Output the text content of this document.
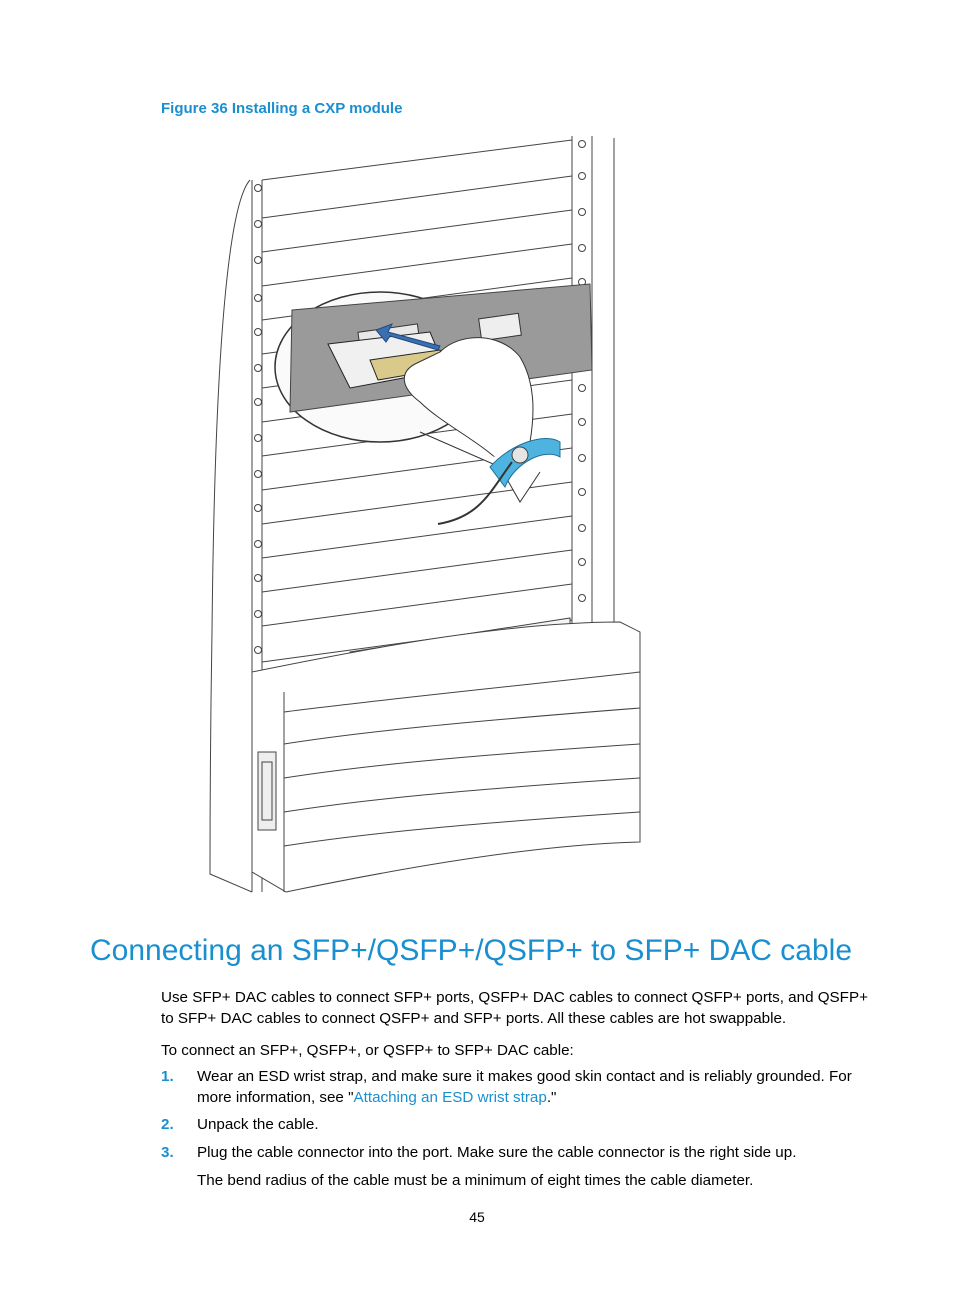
Figure 36 Installing a CXP module
Connecting an SFP+/QSFP+/QSFP+ to SFP+ DAC cable

Use SFP+ DAC cables to connect SFP+ ports, QSFP+ DAC cables to connect QSFP+ ports, and QSFP+ to SFP+ DAC cables to connect QSFP+ and SFP+ ports. All these cables are hot swappable.

To connect an SFP+, QSFP+, or QSFP+ to SFP+ DAC cable:

1. Wear an ESD wrist strap, and make sure it makes good skin contact and is reliably grounded. For more information, see "Attaching an ESD wrist strap."
2. Unpack the cable.
3. Plug the cable connector into the port. Make sure the cable connector is the right side up.

The bend radius of the cable must be a minimum of eight times the cable diameter.

45
